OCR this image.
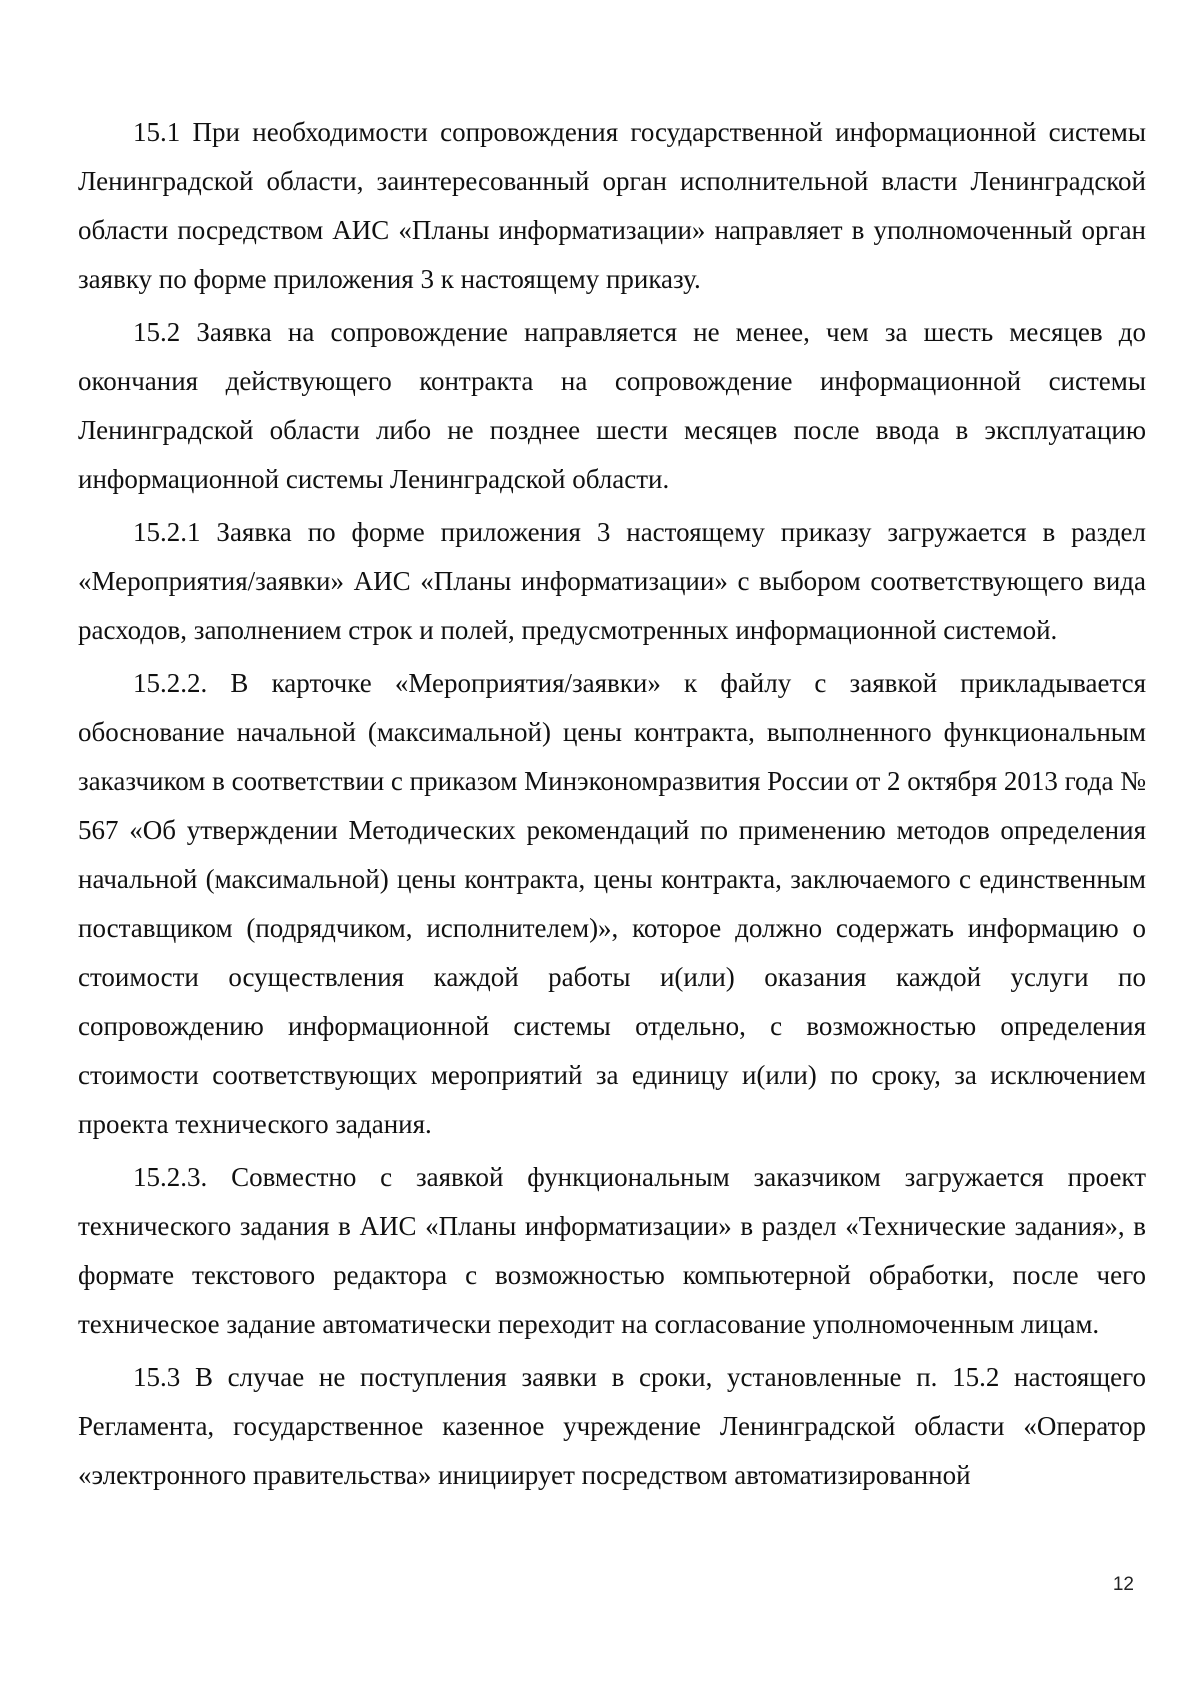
15.1 При необходимости сопровождения государственной информационной системы Ленинградской области, заинтересованный орган исполнительной власти Ленинградской области посредством АИС «Планы информатизации» направляет в уполномоченный орган заявку по форме приложения 3 к настоящему приказу.

15.2 Заявка на сопровождение направляется не менее, чем за шесть месяцев до окончания действующего контракта на сопровождение информационной системы Ленинградской области либо не позднее шести месяцев после ввода в эксплуатацию информационной системы Ленинградской области.

15.2.1 Заявка по форме приложения 3 настоящему приказу загружается в раздел «Мероприятия/заявки» АИС «Планы информатизации» с выбором соответствующего вида расходов, заполнением строк и полей, предусмотренных информационной системой.

15.2.2. В карточке «Мероприятия/заявки» к файлу с заявкой прикладывается обоснование начальной (максимальной) цены контракта, выполненного функциональным заказчиком в соответствии с приказом Минэкономразвития России от 2 октября 2013 года № 567 «Об утверждении Методических рекомендаций по применению методов определения начальной (максимальной) цены контракта, цены контракта, заключаемого с единственным поставщиком (подрядчиком, исполнителем)», которое должно содержать информацию о стоимости осуществления каждой работы и(или) оказания каждой услуги по сопровождению информационной системы отдельно, с возможностью определения стоимости соответствующих мероприятий за единицу и(или) по сроку, за исключением проекта технического задания.

15.2.3. Совместно с заявкой функциональным заказчиком загружается проект технического задания в АИС «Планы информатизации» в раздел «Технические задания», в формате текстового редактора с возможностью компьютерной обработки, после чего техническое задание автоматически переходит на согласование уполномоченным лицам.

15.3 В случае не поступления заявки в сроки, установленные п. 15.2 настоящего Регламента, государственное казенное учреждение Ленинградской области «Оператор «электронного правительства» инициирует посредством автоматизированной

12
